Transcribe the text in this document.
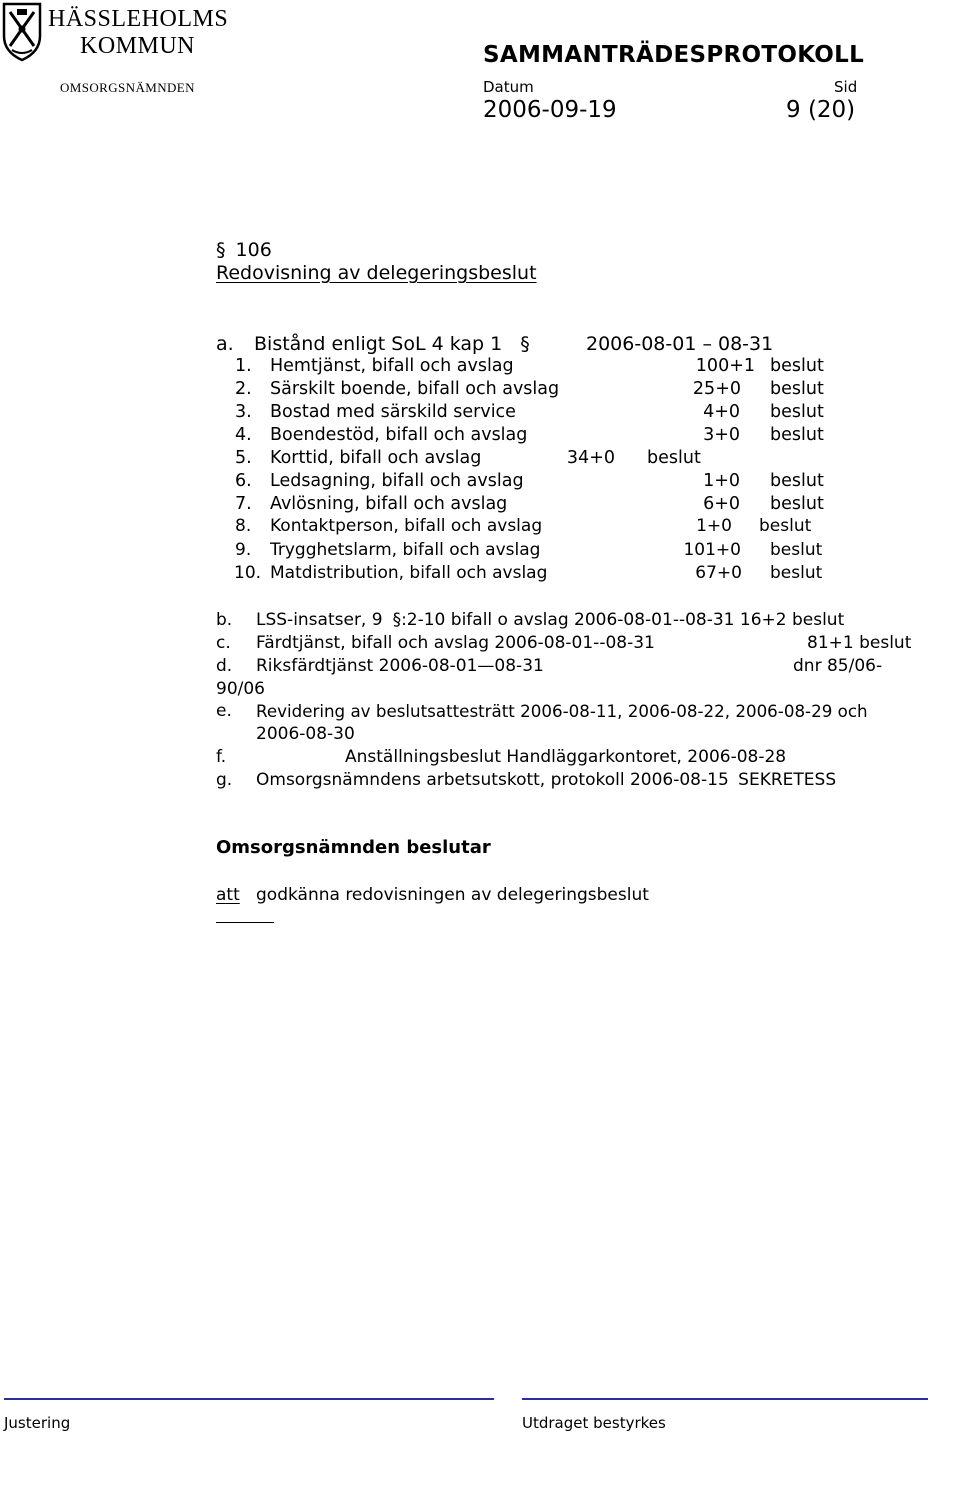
HÄSSLEHOLMS
KOMMUN	SAMMANTRÄDESPROTOKOLL
OMSORGSNÄMNDEN	Datum	Sid
2006-09-19	9 (20)
§ 106
Redovisning av delegeringsbeslut
a. Bistånd enligt SoL 4 kap 1 §	2006-08-01 – 08-31
1. Hemtjänst, bifall och avslag	100+1 beslut
2. Särskilt boende, bifall och avslag	25+0 beslut
3. Bostad med särskild service	4+0 beslut
4. Boendestöd, bifall och avslag	3+0 beslut
5. Korttid, bifall och avslag	34+0 beslut
6. Ledsagning, bifall och avslag	1+0 beslut
7. Avlösning, bifall och avslag	6+0 beslut
8. Kontaktperson, bifall och avslag	1+0 beslut
9. Trygghetslarm, bifall och avslag	101+0 beslut
10. Matdistribution, bifall och avslag	67+0 beslut
b. LSS-insatser, 9 §:2-10 bifall o avslag 2006-08-01--08-31 16+2 beslut
c. Färdtjänst, bifall och avslag 2006-08-01--08-31	81+1 beslut
d. Riksfärdtjänst 2006-08-01—08-31	dnr 85/06-
90/06
e. Revidering av beslutsattesträtt 2006-08-11, 2006-08-22, 2006-08-29 och
2006-08-30
f.	Anställningsbeslut Handläggarkontoret, 2006-08-28
g. Omsorgsnämndens arbetsutskott, protokoll 2006-08-15 SEKRETESS
Omsorgsnämnden beslutar
att godkänna redovisningen av delegeringsbeslut
Justering	Utdraget bestyrkes
